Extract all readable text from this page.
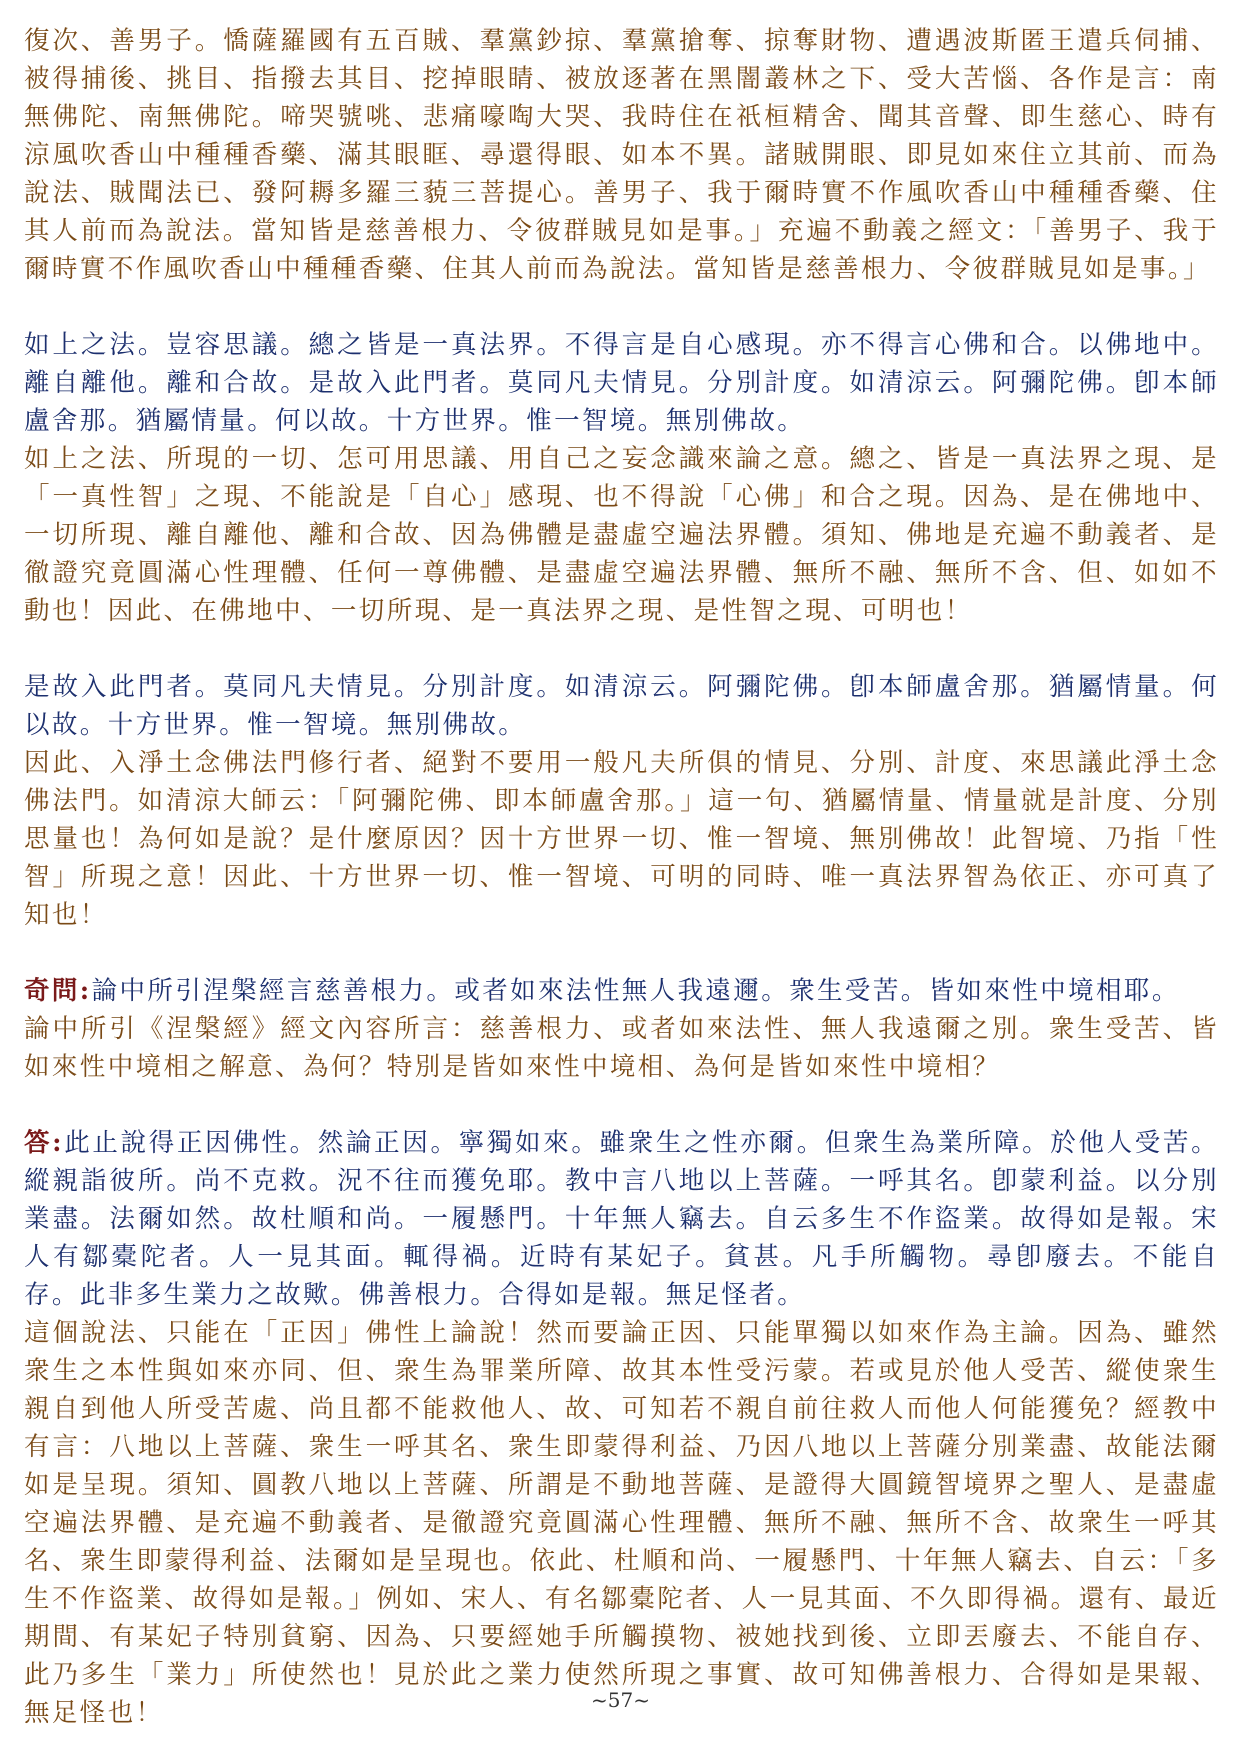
復次、善男子。憍薩羅國有五百賊、羣黨鈔掠、羣黨搶奪、掠奪財物、遭遇波斯匿王遣兵伺捕、被得捕後、挑目、指撥去其目、挖掉眼睛、被放逐著在黑闇叢林之下、受大苦惱、各作是言：南無佛陀、南無佛陀。啼哭號咷、悲痛嚎啕大哭、我時住在祇桓精舍、聞其音聲、即生慈心、時有涼風吹香山中種種香藥、滿其眼眶、尋還得眼、如本不異。諸賊開眼、即見如來住立其前、而為說法、賊聞法已、發阿耨多羅三藐三菩提心。善男子、我于爾時實不作風吹香山中種種香藥、住其人前而為說法。當知皆是慈善根力、令彼群賊見如是事。」充遍不動義之經文：「善男子、我于爾時實不作風吹香山中種種香藥、住其人前而為說法。當知皆是慈善根力、令彼群賊見如是事。」

如上之法。豈容思議。總之皆是一真法界。不得言是自心感現。亦不得言心佛和合。以佛地中。離自離他。離和合故。是故入此門者。莫同凡夫情見。分別計度。如清涼云。阿彌陀佛。卽本師盧舍那。猶屬情量。何以故。十方世界。惟一智境。無別佛故。

如上之法、所現的一切、怎可用思議、用自己之妄念識來論之意。總之、皆是一真法界之現、是「一真性智」之現、不能說是「自心」感現、也不得說「心佛」和合之現。因為、是在佛地中、一切所現、離自離他、離和合故、因為佛體是盡虛空遍法界體。須知、佛地是充遍不動義者、是徹證究竟圓滿心性理體、任何一尊佛體、是盡虛空遍法界體、無所不融、無所不含、但、如如不動也！因此、在佛地中、一切所現、是一真法界之現、是性智之現、可明也！

是故入此門者。莫同凡夫情見。分別計度。如清涼云。阿彌陀佛。卽本師盧舍那。猶屬情量。何以故。十方世界。惟一智境。無別佛故。

因此、入淨土念佛法門修行者、絕對不要用一般凡夫所俱的情見、分別、計度、來思議此淨土念佛法門。如清涼大師云：「阿彌陀佛、即本師盧舍那。」這一句、猶屬情量、情量就是計度、分別思量也！為何如是說？是什麼原因？因十方世界一切、惟一智境、無別佛故！此智境、乃指「性智」所現之意！因此、十方世界一切、惟一智境、可明的同時、唯一真法界智為依正、亦可真了知也！

奇問:論中所引涅槃經言慈善根力。或者如來法性無人我遠邇。衆生受苦。皆如來性中境相耶。

論中所引《涅槃經》經文內容所言：慈善根力、或者如來法性、無人我遠爾之別。衆生受苦、皆如來性中境相之解意、為何？特別是皆如來性中境相、為何是皆如來性中境相？

答:此止說得正因佛性。然論正因。寧獨如來。雖衆生之性亦爾。但衆生為業所障。於他人受苦。縱親詣彼所。尚不克救。況不往而獲免耶。教中言八地以上菩薩。一呼其名。卽蒙利益。以分別業盡。法爾如然。故杜順和尚。一履懸門。十年無人竊去。自云多生不作盜業。故得如是報。宋人有鄒橐陀者。人一見其面。輒得禍。近時有某妃子。貧甚。凡手所觸物。尋卽廢去。不能自存。此非多生業力之故歟。佛善根力。合得如是報。無足怪者。

這個說法、只能在「正因」佛性上論說！然而要論正因、只能單獨以如來作為主論。因為、雖然衆生之本性與如來亦同、但、衆生為罪業所障、故其本性受污蒙。若或見於他人受苦、縱使衆生親自到他人所受苦處、尚且都不能救他人、故、可知若不親自前往救人而他人何能獲免？經教中有言：八地以上菩薩、衆生一呼其名、衆生即蒙得利益、乃因八地以上菩薩分別業盡、故能法爾如是呈現。須知、圓教八地以上菩薩、所謂是不動地菩薩、是證得大圓鏡智境界之聖人、是盡虛空遍法界體、是充遍不動義者、是徹證究竟圓滿心性理體、無所不融、無所不含、故衆生一呼其名、衆生即蒙得利益、法爾如是呈現也。依此、杜順和尚、一履懸門、十年無人竊去、自云：「多生不作盜業、故得如是報。」例如、宋人、有名鄒橐陀者、人一見其面、不久即得禍。還有、最近期間、有某妃子特別貧窮、因為、只要經她手所觸摸物、被她找到後、立即丟廢去、不能自存、此乃多生「業力」所使然也！見於此之業力使然所現之事實、故可知佛善根力、合得如是果報、無足怪也！	~57~
